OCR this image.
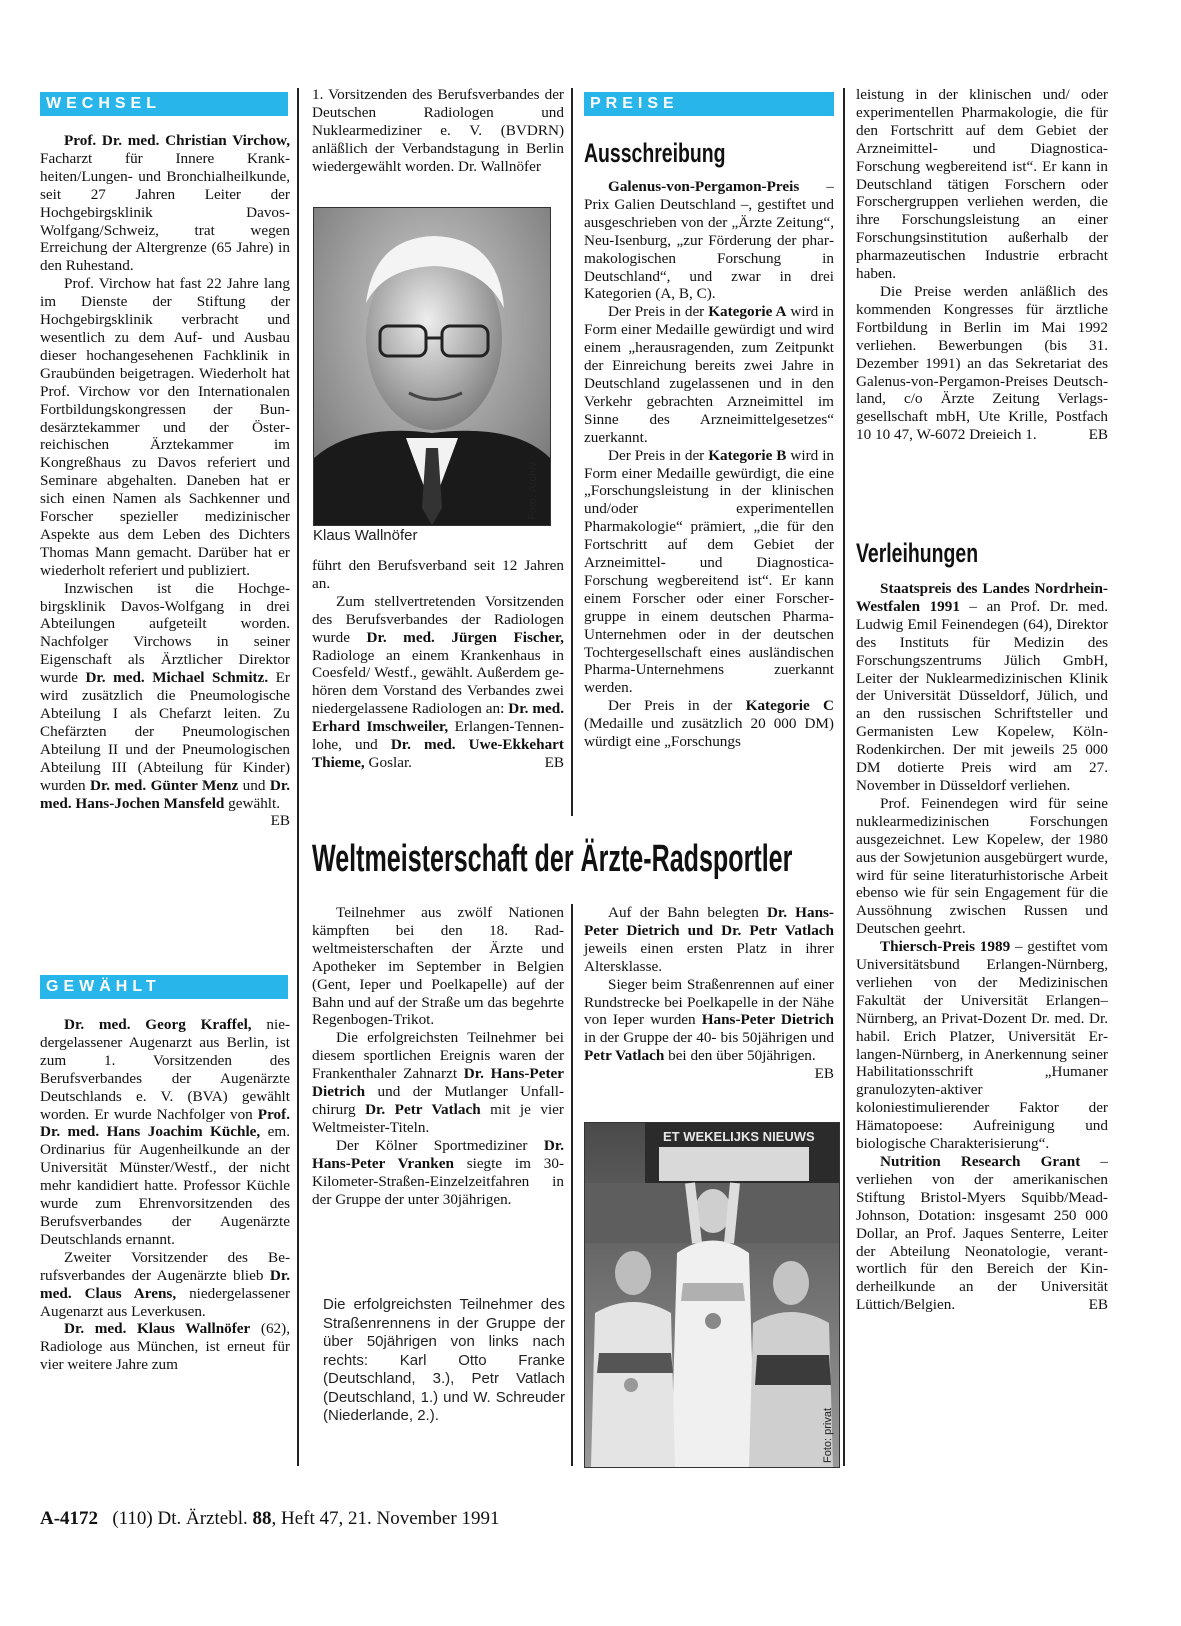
WECHSEL

Prof. Dr. med. Christian Virchow, Facharzt für Innere Krankheiten/Lungen- und Bronchialheilkunde, seit 27 Jahren Leiter der Hochgebirgsklinik Davos-Wolfgang/Schweiz, trat wegen Erreichung der Altergrenze (65 Jahre) in den Ruhestand.

Prof. Virchow hat fast 22 Jahre lang im Dienste der Stiftung der Hochgebirgsklinik verbracht und wesentlich zu dem Auf- und Ausbau dieser hochangesehenen Fachklinik in Graubünden beigetragen. Wiederholt hat Prof. Virchow vor den Internationalen Fortbildungskongressen der Bundesärztekammer und der Österreichischen Ärztekammer im Kongreßhaus zu Davos referiert und Seminare abgehalten. Daneben hat er sich einen Namen als Sachkenner und Forscher spezieller medizinischer Aspekte aus dem Leben des Dichters Thomas Mann gemacht. Darüber hat er wiederholt referiert und publiziert.

Inzwischen ist die Hochgebirgsklinik Davos-Wolfgang in drei Abteilungen aufgeteilt worden. Nachfolger Virchows in seiner Eigenschaft als Ärztlicher Direktor wurde Dr. med. Michael Schmitz. Er wird zusätzlich die Pneumologische Abteilung I als Chefarzt leiten. Zu Chefärzten der Pneumologischen Abteilung II und der Pneumologischen Abteilung III (Abteilung für Kinder) wurden Dr. med. Günter Menz und Dr. med. Hans-Jochen Mansfeld gewählt.
EB

GEWÄHLT

Dr. med. Georg Kraffel, niedergelassener Augenarzt aus Berlin, ist zum 1. Vorsitzenden des Berufsverbandes der Augenärzte Deutschlands e. V. (BVA) gewählt worden. Er wurde Nachfolger von Prof. Dr. med. Hans Joachim Küchle, em. Ordinarius für Augenheilkunde an der Universität Münster/Westf., der nicht mehr kandidiert hatte. Professor Küchle wurde zum Ehrenvorsitzenden des Berufsverbandes der Augenärzte Deutschlands ernannt.

Zweiter Vorsitzender des Berufsverbandes der Augenärzte blieb Dr. med. Claus Arens, niedergelassener Augenarzt aus Leverkusen.

Dr. med. Klaus Wallnöfer (62), Radiologe aus München, ist erneut für vier weitere Jahre zum

1. Vorsitzenden des Berufsverbandes der Deutschen Radiologen und Nuklearmediziner e. V. (BVDRN) anläßlich der Verbandstagung in Berlin wiedergewählt worden. Dr. Wallnöfer

Foto: Archiv
Klaus Wallnöfer

führt den Berufsverband seit 12 Jahren an.

Zum stellvertretenden Vorsitzenden des Berufsverbandes der Radiologen wurde Dr. med. Jürgen Fischer, Radiologe an einem Krankenhaus in Coesfeld/ Westf., gewählt. Außerdem gehören dem Vorstand des Verbandes zwei niedergelassene Radiologen an: Dr. med. Erhard Imschweiler, Erlangen-Tennenlohe, und Dr. med. Uwe-Ekkehart Thieme, Goslar.	EB

PREISE
Ausschreibung

Galenus-von-Pergamon-Preis – Prix Galien Deutschland –, gestiftet und ausgeschrieben von der „Ärzte Zeitung“, Neu-Isenburg, „zur Förderung der pharmakologischen Forschung in Deutschland“, und zwar in drei Kategorien (A, B, C).

Der Preis in der Kategorie A wird in Form einer Medaille gewürdigt und wird einem „herausragenden, zum Zeitpunkt der Einreichung bereits zwei Jahre in Deutschland zugelassenen und in den Verkehr gebrachten Arzneimittel im Sinne des Arzneimittelgesetzes“ zuerkannt.

Der Preis in der Kategorie B wird in Form einer Medaille gewürdigt, die eine „Forschungsleistung in der klinischen und/oder experimentellen Pharmakologie“ prämiert, „die für den Fortschritt auf dem Gebiet der Arzneimittel- und Diagnostica-Forschung wegbereitend ist“. Er kann einem Forscher oder einer Forschergruppe in einem deutschen Pharma-Unternehmen oder in der deutschen Tochtergesellschaft eines ausländischen Pharma-Unternehmens zuerkannt werden.

Der Preis in der Kategorie C (Medaille und zusätzlich 20 000 DM) würdigt eine „Forschungs

leistung in der klinischen und/ oder experimentellen Pharmakologie, die für den Fortschritt auf dem Gebiet der Arzneimittel- und Diagnostica-Forschung wegbereitend ist“. Er kann in Deutschland tätigen Forschern oder Forschergruppen verliehen werden, die ihre Forschungsleistung an einer Forschungsinstitution außerhalb der pharmazeutischen Industrie erbracht haben.

Die Preise werden anläßlich des kommenden Kongresses für ärztliche Fortbildung in Berlin im Mai 1992 verliehen. Bewerbungen (bis 31. Dezember 1991) an das Sekretariat des Galenus-von-Pergamon-Preises Deutschland, c/o Ärzte Zeitung Verlagsgesellschaft mbH, Ute Krille, Postfach 10 10 47, W-6072 Dreieich 1.	EB

Verleihungen

Staatspreis des Landes Nordrhein-Westfalen 1991 – an Prof. Dr. med. Ludwig Emil Feinendegen (64), Direktor des Instituts für Medizin des Forschungszentrums Jülich GmbH, Leiter der Nuklearmedizinischen Klinik der Universität Düsseldorf, Jülich, und an den russischen Schriftsteller und Germanisten Lew Kopelew, Köln-Rodenkirchen. Der mit jeweils 25 000 DM dotierte Preis wird am 27. November in Düsseldorf verliehen.

Prof. Feinendegen wird für seine nuklearmedizinischen Forschungen ausgezeichnet. Lew Kopelew, der 1980 aus der Sowjetunion ausgebürgert wurde, wird für seine literaturhistorische Arbeit ebenso wie für sein Engagement für die Aussöhnung zwischen Russen und Deutschen geehrt.

Thiersch-Preis 1989 – gestiftet vom Universitätsbund Erlangen-Nürnberg, verliehen von der Medizinischen Fakultät der Universität Erlangen–Nürnberg, an Privat-Dozent Dr. med. Dr. habil. Erich Platzer, Universität Erlangen-Nürnberg, in Anerkennung seiner Habilitationsschrift „Humaner granulozyten-aktiver koloniestimulierender Faktor der Hämatopoese: Aufreinigung und biologische Charakterisierung“.

Nutrition Research Grant – verliehen von der amerikanischen Stiftung Bristol-Myers Squibb/Mead-Johnson, Dotation: insgesamt 250 000 Dollar, an Prof. Jaques Senterre, Leiter der Abteilung Neonatologie, verantwortlich für den Bereich der Kinderheilkunde an der Universität Lüttich/Belgien.	EB

Weltmeisterschaft der Ärzte-Radsportler

Teilnehmer aus zwölf Nationen kämpften bei den 18. Radweltmeisterschaften der Ärzte und Apotheker im September in Belgien (Gent, Ieper und Poelkapelle) auf der Bahn und auf der Straße um das begehrte Regenbogen-Trikot.

Die erfolgreichsten Teilnehmer bei diesem sportlichen Ereignis waren der Frankenthaler Zahnarzt Dr. Hans-Peter Dietrich und der Mutlanger Unfallchirurg Dr. Petr Vatlach mit je vier Weltmeister-Titeln.

Der Kölner Sportmediziner Dr. Hans-Peter Vranken siegte im 30-Kilometer-Straßen-Einzelzeitfahren in der Gruppe der unter 30jährigen.

Die erfolgreichsten Teilnehmer des Straßenrennens in der Gruppe der über 50jährigen von links nach rechts: Karl Otto Franke (Deutschland, 3.), Petr Vatlach (Deutschland, 1.) und W. Schreuder (Niederlande, 2.).

Auf der Bahn belegten Dr. Hans-Peter Dietrich und Dr. Petr Vatlach jeweils einen ersten Platz in ihrer Altersklasse.

Sieger beim Straßenrennen auf einer Rundstrecke bei Poelkapelle in der Nähe von Ieper wurden Hans-Peter Dietrich in der Gruppe der 40- bis 50jährigen und Petr Vatlach bei den über 50jährigen.
EB

ET WEKELIJKS NIEUWS
Foto: privat
A-4172 (110) Dt. Ärztebl. 88, Heft 47, 21. November 1991
